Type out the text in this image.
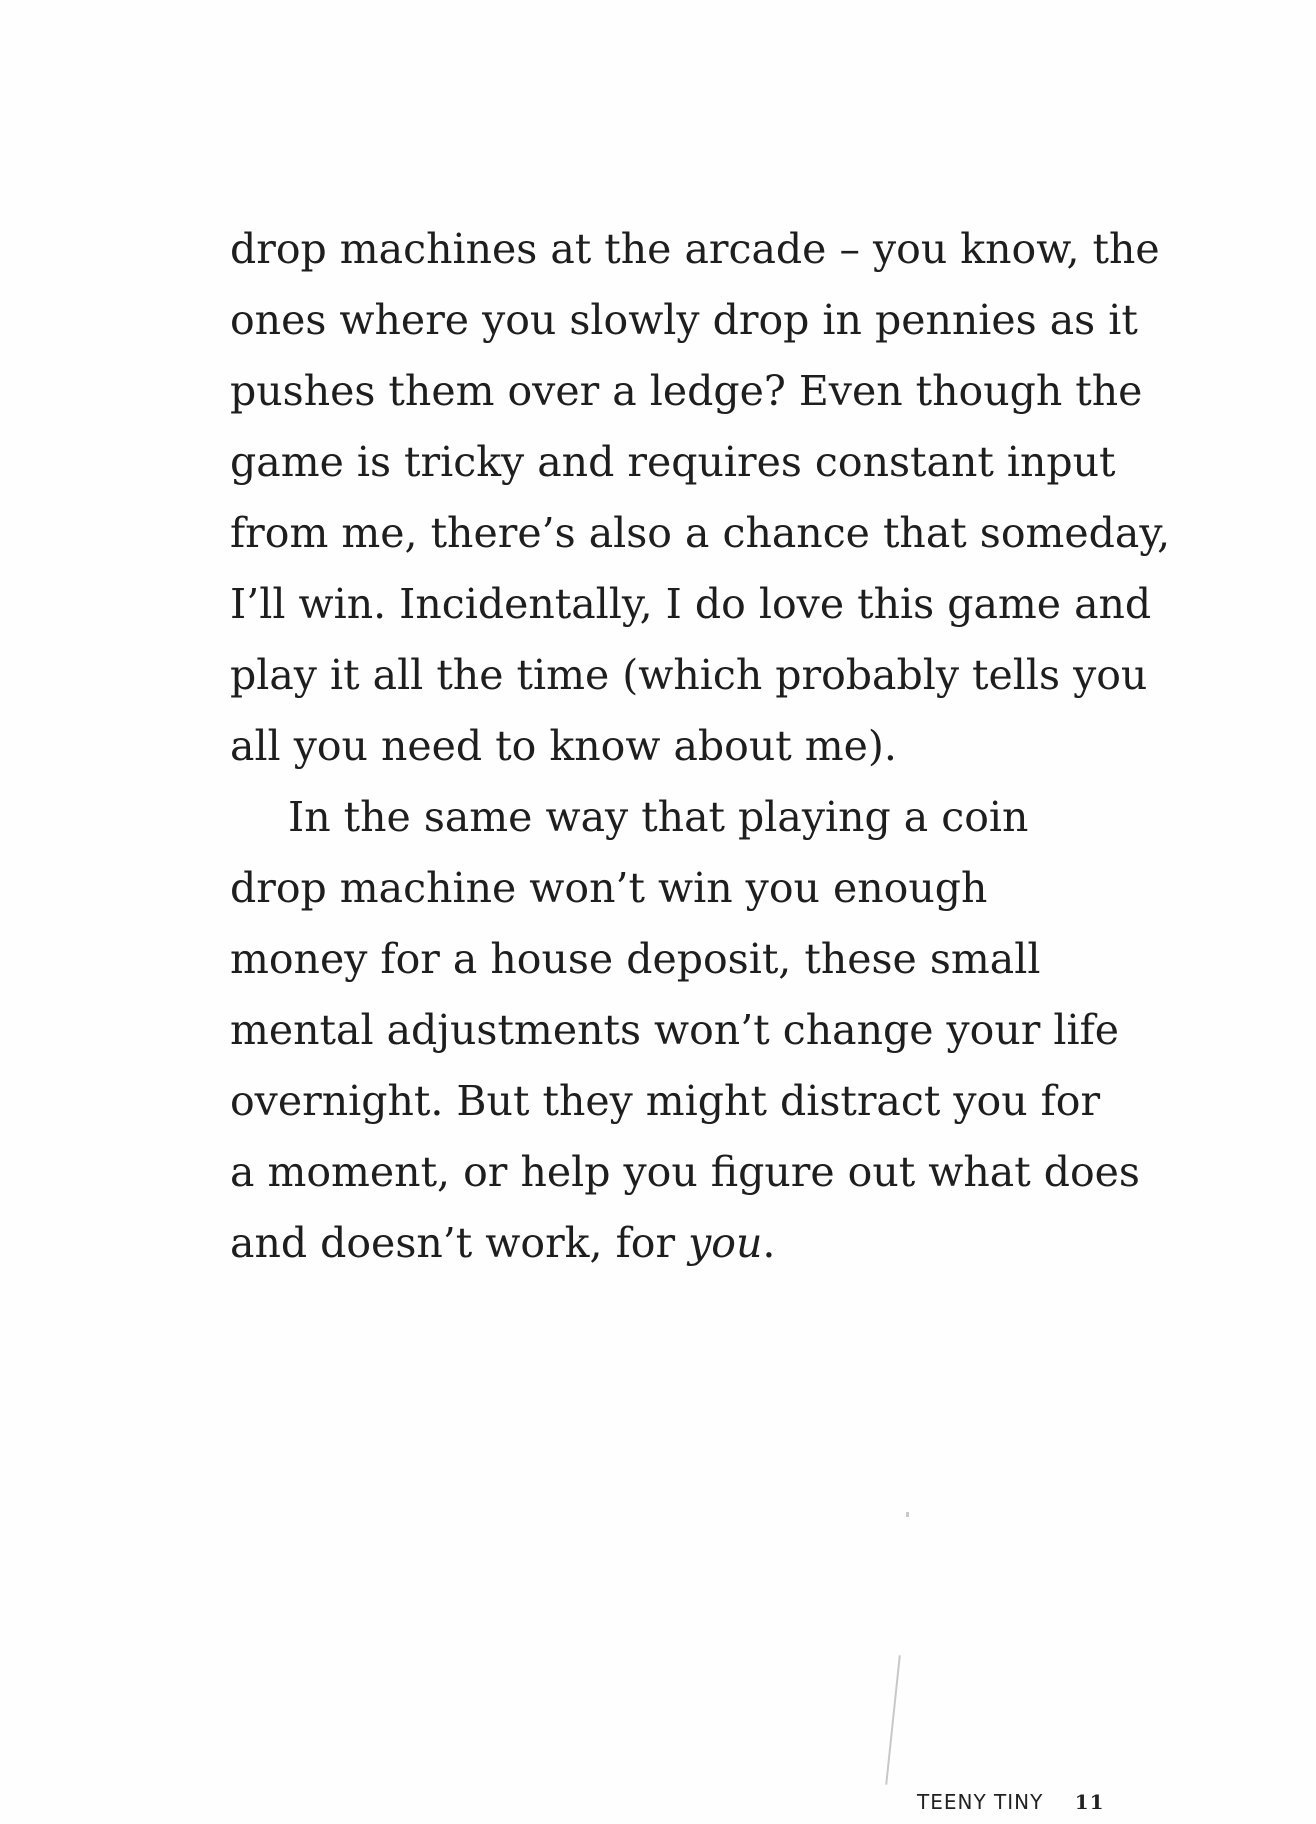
drop machines at the arcade – you know, the
ones where you slowly drop in pennies as it
pushes them over a ledge? Even though the
game is tricky and requires constant input
from me, there’s also a chance that someday,
I’ll win. Incidentally, I do love this game and
play it all the time (which probably tells you
all you need to know about me).
In the same way that playing a coin
drop machine won’t win you enough
money for a house deposit, these small
mental adjustments won’t change your life
overnight. But they might distract you for
a moment, or help you figure out what does
and doesn’t work, for you.
TEENY TINY 11
